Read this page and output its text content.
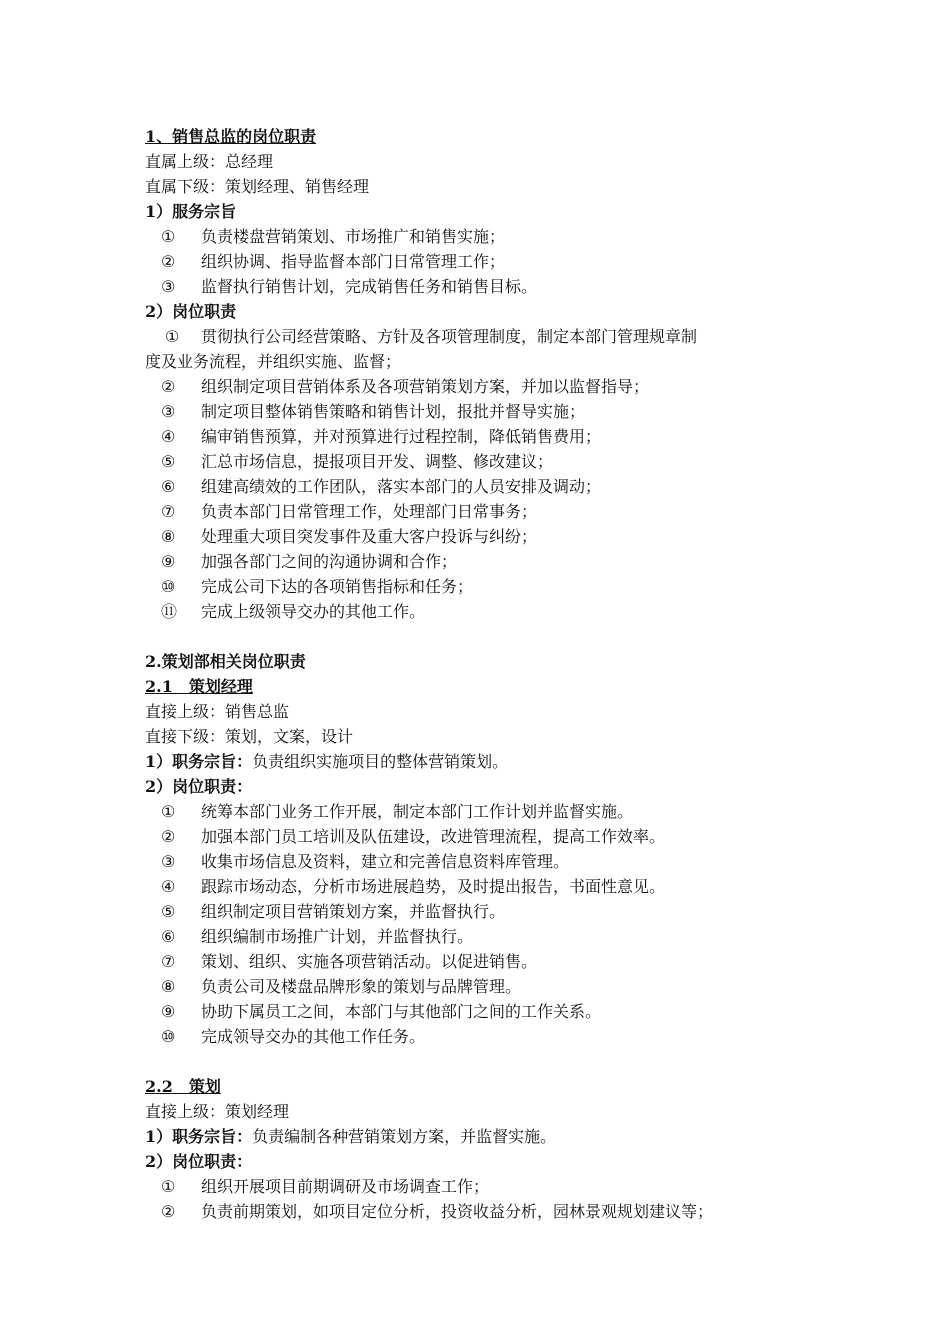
1、销售总监的岗位职责
直属上级：总经理
直属下级：策划经理、销售经理
1）服务宗旨
①	负责楼盘营销策划、市场推广和销售实施；
②	组织协调、指导监督本部门日常管理工作；
③	监督执行销售计划，完成销售任务和销售目标。
2）岗位职责
①	贯彻执行公司经营策略、方针及各项管理制度，制定本部门管理规章制
度及业务流程，并组织实施、监督；
②	组织制定项目营销体系及各项营销策划方案，并加以监督指导；
③	制定项目整体销售策略和销售计划，报批并督导实施；
④	编审销售预算，并对预算进行过程控制，降低销售费用；
⑤	汇总市场信息，提报项目开发、调整、修改建议；
⑥	组建高绩效的工作团队，落实本部门的人员安排及调动；
⑦	负责本部门日常管理工作，处理部门日常事务；
⑧	处理重大项目突发事件及重大客户投诉与纠纷；
⑨	加强各部门之间的沟通协调和合作；
⑩	完成公司下达的各项销售指标和任务；
⑪	完成上级领导交办的其他工作。
2.策划部相关岗位职责
2.1　策划经理
直接上级：销售总监
直接下级：策划，文案，设计
1）职务宗旨：负责组织实施项目的整体营销策划。
2）岗位职责：
①	统筹本部门业务工作开展，制定本部门工作计划并监督实施。
②	加强本部门员工培训及队伍建设，改进管理流程，提高工作效率。
③	收集市场信息及资料，建立和完善信息资料库管理。
④	跟踪市场动态，分析市场进展趋势，及时提出报告，书面性意见。
⑤	组织制定项目营销策划方案，并监督执行。
⑥	组织编制市场推广计划，并监督执行。
⑦	策划、组织、实施各项营销活动。以促进销售。
⑧	负责公司及楼盘品牌形象的策划与品牌管理。
⑨	协助下属员工之间，本部门与其他部门之间的工作关系。
⑩	完成领导交办的其他工作任务。
2.2　策划
直接上级：策划经理
1）职务宗旨：负责编制各种营销策划方案，并监督实施。
2）岗位职责：
①	组织开展项目前期调研及市场调查工作；
②	负责前期策划，如项目定位分析，投资收益分析，园林景观规划建议等；
